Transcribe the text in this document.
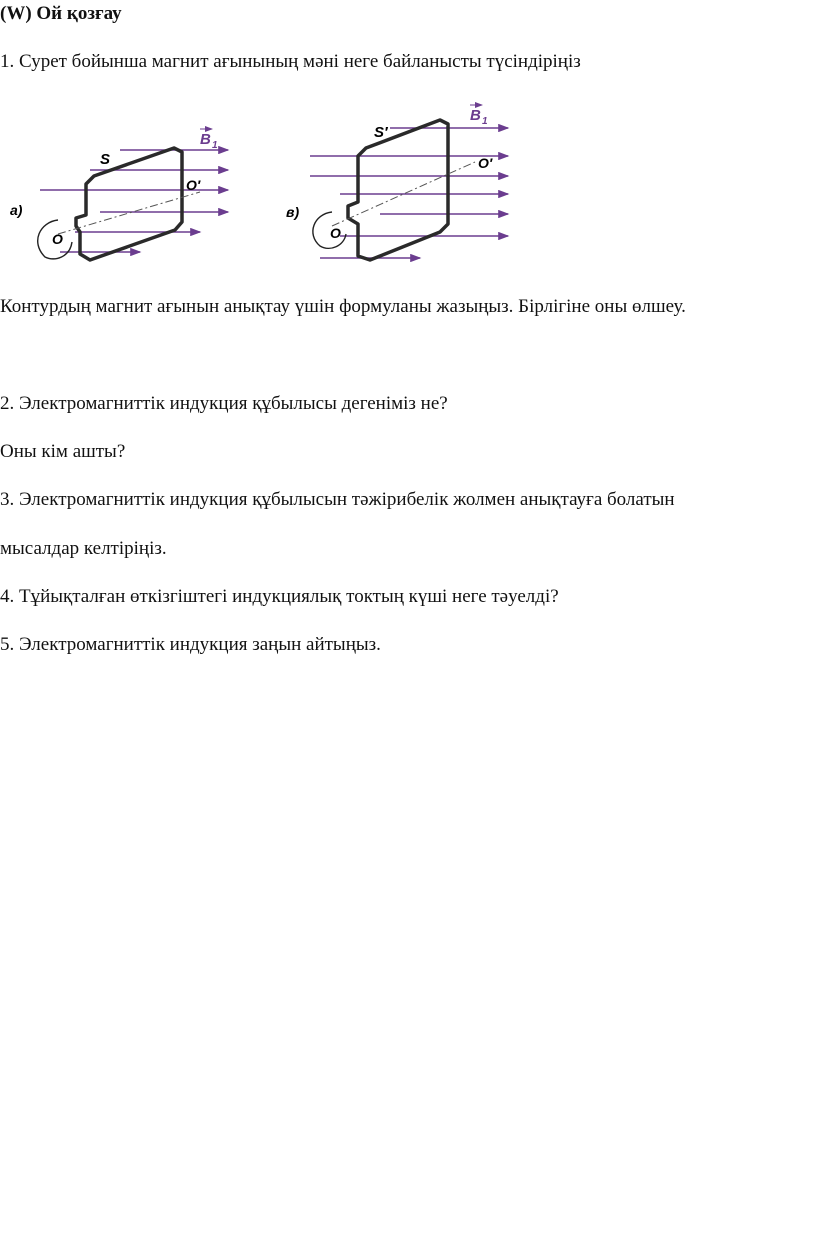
(W) Ой қозғау
1. Сурет бойынша магнит ағынының мәні неге байланысты түсіндіріңіз
а)
S
O
O′
B 1
в)
S′
O
O′
B 1
Контурдың магнит ағынын анықтау үшін формуланы жазыңыз. Бірлігіне оны өлшеу.
2. Электромагниттік индукция құбылысы дегеніміз не?
Оны кім ашты?
3. Электромагниттік индукция құбылысын тәжірибелік жолмен анықтауға болатын
мысалдар келтіріңіз.
4. Тұйықталған өткізгіштегі индукциялық токтың күші неге тәуелді?
5. Электромагниттік индукция заңын айтыңыз.
